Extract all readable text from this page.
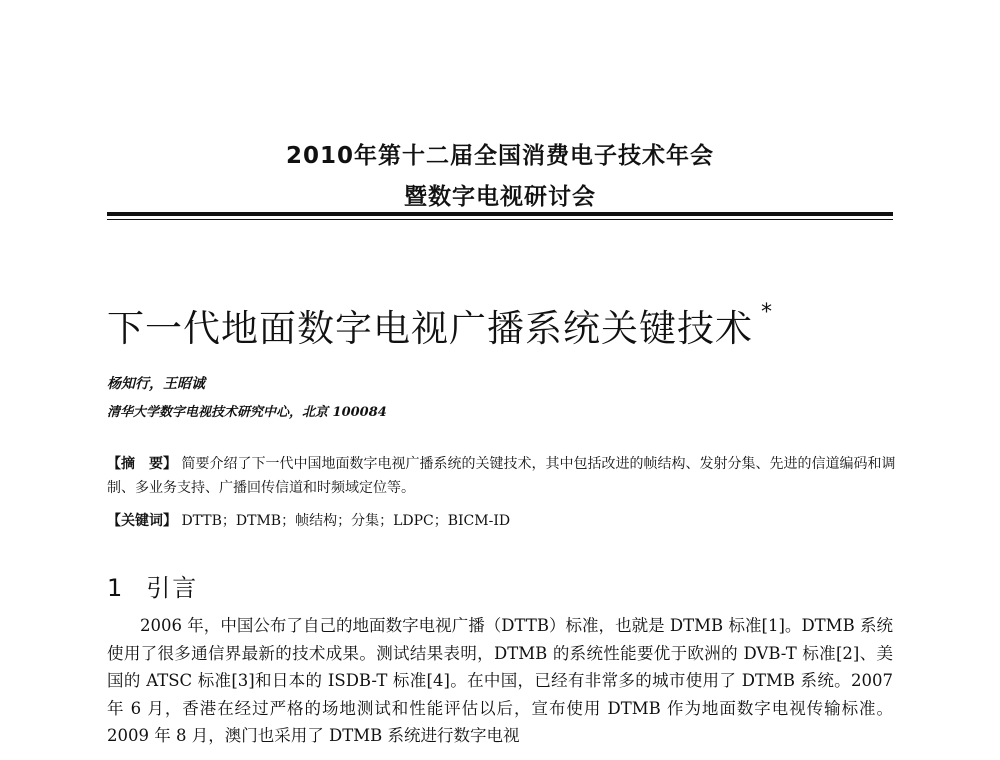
2010年第十二届全国消费电子技术年会
暨数字电视研讨会
下一代地面数字电视广播系统关键技术 *
杨知行，王昭诚
清华大学数字电视技术研究中心，北京 100084
【摘　要】 简要介绍了下一代中国地面数字电视广播系统的关键技术，其中包括改进的帧结构、发射分集、先进的信道编码和调制、多业务支持、广播回传信道和时频域定位等。
【关键词】 DTTB；DTMB；帧结构；分集；LDPC；BICM-ID
1 引言
2006 年，中国公布了自己的地面数字电视广播（DTTB）标准，也就是 DTMB 标准[1]。DTMB 系统使用了很多通信界最新的技术成果。测试结果表明，DTMB 的系统性能要优于欧洲的 DVB-T 标准[2]、美国的 ATSC 标准[3]和日本的 ISDB-T 标准[4]。在中国，已经有非常多的城市使用了 DTMB 系统。2007 年 6 月，香港在经过严格的场地测试和性能评估以后，宣布使用 DTMB 作为地面数字电视传输标准。2009 年 8 月，澳门也采用了 DTMB 系统进行数字电视
